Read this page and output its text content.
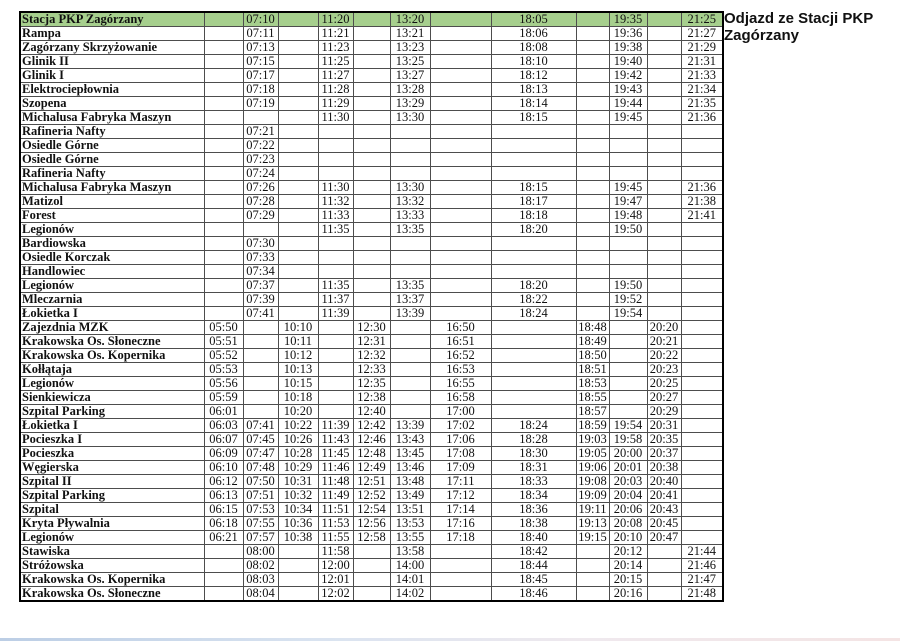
Stacja PKP Zagórzany		07:10		11:20		13:20		18:05		19:35		21:25
Rampa		07:11		11:21		13:21		18:06		19:36		21:27
Zagórzany Skrzyżowanie		07:13		11:23		13:23		18:08		19:38		21:29
Glinik II		07:15		11:25		13:25		18:10		19:40		21:31
Glinik I		07:17		11:27		13:27		18:12		19:42		21:33
Elektrociepłownia		07:18		11:28		13:28		18:13		19:43		21:34
Szopena		07:19		11:29		13:29		18:14		19:44		21:35
Michalusa Fabryka Maszyn				11:30		13:30		18:15		19:45		21:36
Rafineria Nafty		07:21										
Osiedle Górne		07:22										
Osiedle Górne		07:23										
Rafineria Nafty		07:24										
Michalusa Fabryka Maszyn		07:26		11:30		13:30		18:15		19:45		21:36
Matizol		07:28		11:32		13:32		18:17		19:47		21:38
Forest		07:29		11:33		13:33		18:18		19:48		21:41
Legionów				11:35		13:35		18:20		19:50		
Bardiowska		07:30										
Osiedle Korczak		07:33										
Handlowiec		07:34										
Legionów		07:37		11:35		13:35		18:20		19:50		
Mleczarnia		07:39		11:37		13:37		18:22		19:52		
Łokietka I		07:41		11:39		13:39		18:24		19:54		
Zajezdnia MZK	05:50		10:10		12:30		16:50		18:48		20:20	
Krakowska Os. Słoneczne	05:51		10:11		12:31		16:51		18:49		20:21	
Krakowska Os. Kopernika	05:52		10:12		12:32		16:52		18:50		20:22	
Kołłątaja	05:53		10:13		12:33		16:53		18:51		20:23	
Legionów	05:56		10:15		12:35		16:55		18:53		20:25	
Sienkiewicza	05:59		10:18		12:38		16:58		18:55		20:27	
Szpital Parking	06:01		10:20		12:40		17:00		18:57		20:29	
Łokietka I	06:03	07:41	10:22	11:39	12:42	13:39	17:02	18:24	18:59	19:54	20:31	
Pocieszka I	06:07	07:45	10:26	11:43	12:46	13:43	17:06	18:28	19:03	19:58	20:35	
Pocieszka	06:09	07:47	10:28	11:45	12:48	13:45	17:08	18:30	19:05	20:00	20:37	
Węgierska	06:10	07:48	10:29	11:46	12:49	13:46	17:09	18:31	19:06	20:01	20:38	
Szpital II	06:12	07:50	10:31	11:48	12:51	13:48	17:11	18:33	19:08	20:03	20:40	
Szpital Parking	06:13	07:51	10:32	11:49	12:52	13:49	17:12	18:34	19:09	20:04	20:41	
Szpital	06:15	07:53	10:34	11:51	12:54	13:51	17:14	18:36	19:11	20:06	20:43	
Kryta Pływalnia	06:18	07:55	10:36	11:53	12:56	13:53	17:16	18:38	19:13	20:08	20:45	
Legionów	06:21	07:57	10:38	11:55	12:58	13:55	17:18	18:40	19:15	20:10	20:47	
Stawiska		08:00		11:58		13:58		18:42		20:12		21:44
Stróżowska		08:02		12:00		14:00		18:44		20:14		21:46
Krakowska Os. Kopernika		08:03		12:01		14:01		18:45		20:15		21:47
Krakowska Os. Słoneczne		08:04		12:02		14:02		18:46		20:16		21:48
Odjazd ze Stacji PKP Zagórzany
